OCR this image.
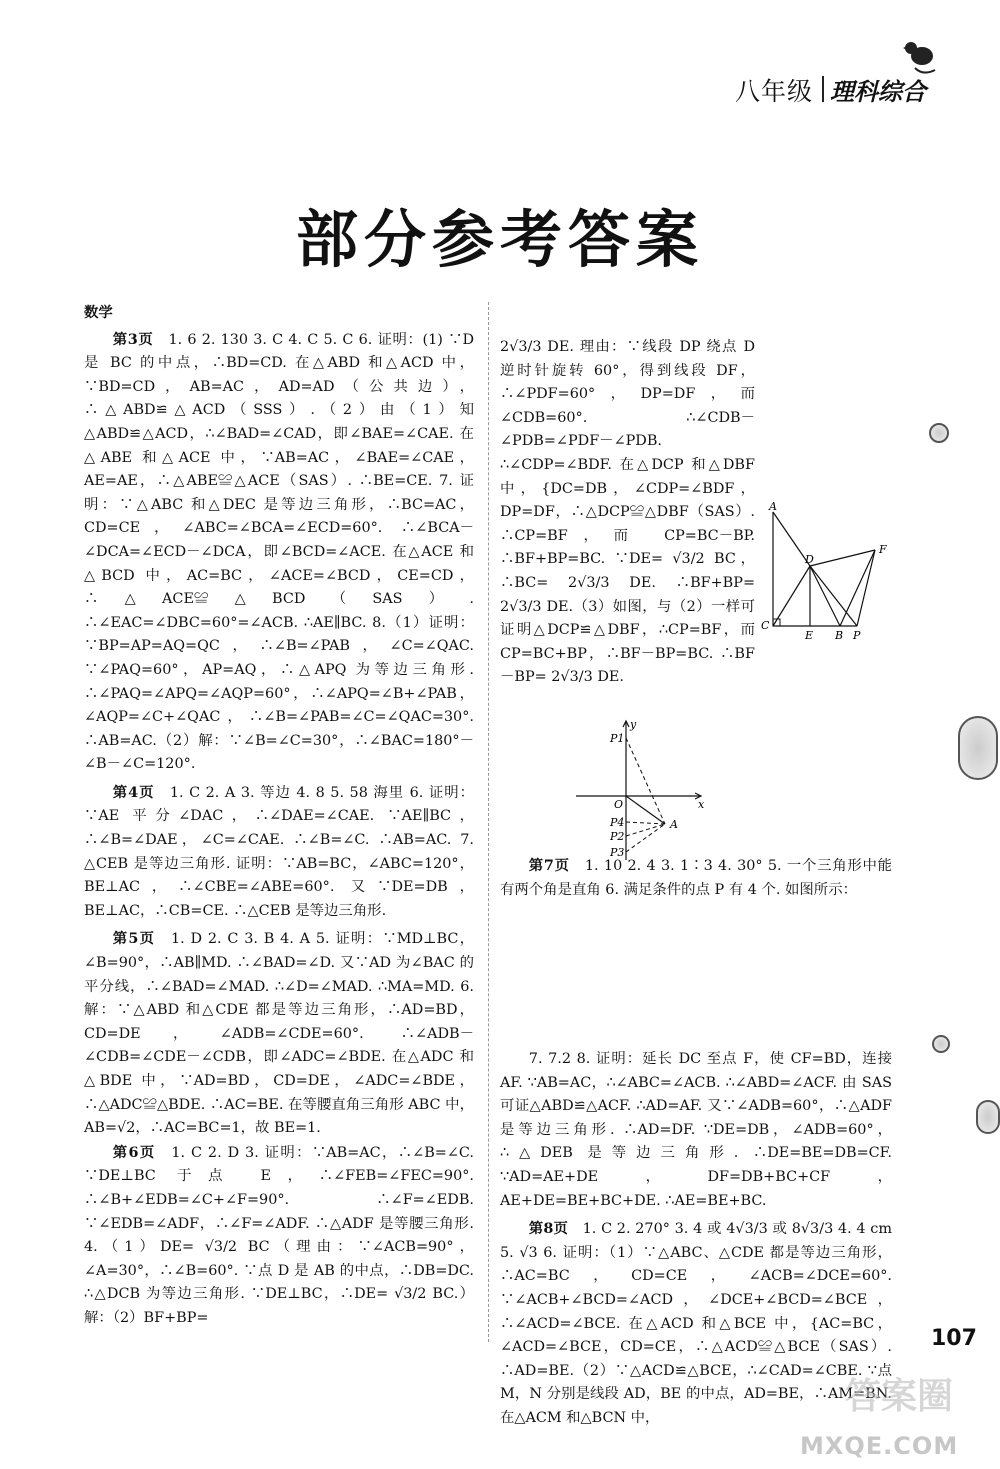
八年级 理科综合
部分参考答案
数学

第3页　 1. 6 2. 130 3. C 4. C 5. C 6. 证明：(1) ∵D 是 BC 的中点，∴BD=CD. 在△ABD 和△ACD 中，∵BD=CD，AB=AC，AD=AD（公共边），∴△ABD≌△ACD（SSS）.（2）由（1）知△ABD≌△ACD，∴∠BAD=∠CAD，即∠BAE=∠CAE. 在△ABE 和△ACE 中，∵AB=AC，∠BAE=∠CAE，AE=AE，∴△ABE≌△ACE（SAS）. ∴BE=CE. 7. 证明：∵△ABC 和△DEC 是等边三角形，∴BC=AC，CD=CE，∠ABC=∠BCA=∠ECD=60°. ∴∠BCA－∠DCA=∠ECD－∠DCA，即∠BCD=∠ACE. 在△ACE 和△BCD 中，AC=BC，∠ACE=∠BCD，CE=CD，∴△ACE≌△BCD（SAS）. ∴∠EAC=∠DBC=60°=∠ACB. ∴AE∥BC. 8.（1）证明：∵BP=AP=AQ=QC，∴∠B=∠PAB，∠C=∠QAC. ∵∠PAQ=60°，AP=AQ，∴△APQ 为等边三角形. ∴∠PAQ=∠APQ=∠AQP=60°，∴∠APQ=∠B+∠PAB，∠AQP=∠C+∠QAC，∴∠B=∠PAB=∠C=∠QAC=30°. ∴AB=AC.（2）解：∵∠B=∠C=30°，∴∠BAC=180°－∠B－∠C=120°.

第4页　 1. C 2. A 3. 等边 4. 8 5. 58 海里 6. 证明：∵AE 平分∠DAC，∴∠DAE=∠CAE. ∵AE∥BC，∴∠B=∠DAE，∠C=∠CAE. ∴∠B=∠C. ∴AB=AC. 7. △CEB 是等边三角形. 证明：∵AB=BC，∠ABC=120°，BE⊥AC，∴∠CBE=∠ABE=60°. 又∵DE=DB，BE⊥AC，∴CB=CE. ∴△CEB 是等边三角形.

第5页　 1. D 2. C 3. B 4. A 5. 证明：∵MD⊥BC，∠B=90°，∴AB∥MD. ∴∠BAD=∠D. 又∵AD 为∠BAC 的平分线，∴∠BAD=∠MAD. ∴∠D=∠MAD. ∴MA=MD. 6. 解：∵△ABD 和△CDE 都是等边三角形，∴AD=BD，CD=DE，∠ADB=∠CDE=60°. ∴∠ADB－∠CDB=∠CDE－∠CDB，即∠ADC=∠BDE. 在△ADC 和△BDE 中，∵AD=BD，CD=DE，∠ADC=∠BDE，∴△ADC≌△BDE. ∴AC=BE. 在等腰直角三角形 ABC 中，AB=√2，∴AC=BC=1，故 BE=1.

第6页　 1. C 2. D 3. 证明：∵AB=AC，∴∠B=∠C. ∵DE⊥BC 于点 E，∴∠FEB=∠FEC=90°. ∴∠B+∠EDB=∠C+∠F=90°. ∴∠F=∠EDB. ∵∠EDB=∠ADF，∴∠F=∠ADF. ∴△ADF 是等腰三角形. 4.（1）DE= √3/2 BC（理由：∵∠ACB=90°，∠A=30°，∴∠B=60°. ∵点 D 是 AB 的中点，∴DB=DC. ∴△DCB 为等边三角形. ∵DE⊥BC，∴DE= √3/2 BC.） 解：（2）BF+BP=

2√3/3 DE. 理由：∵线段 DP 绕点 D 逆时针旋转 60°，得到线段 DF，∴∠PDF=60°，DP=DF，而∠CDB=60°. ∴∠CDB－∠PDB=∠PDF－∠PDB. ∴∠CDP=∠BDF. 在△DCP 和△DBF 中，{DC=DB，∠CDP=∠BDF，DP=DF，∴△DCP≌△DBF（SAS）. ∴CP=BF，而 CP=BC－BP. ∴BF+BP=BC. ∵DE= √3/2 BC，∴BC= 2√3/3 DE. ∴BF+BP= 2√3/3 DE.（3）如图，与（2）一样可证明△DCP≌△DBF，∴CP=BF，而 CP=BC+BP，∴BF－BP=BC. ∴BF－BP= 2√3/3 DE.

第7页　 1. 10 2. 4 3. 1∶3 4. 30° 5. 一个三角形中能有两个角是直角 6. 满足条件的点 P 有 4 个. 如图所示：

7. 7.2 8. 证明：延长 DC 至点 F，使 CF=BD，连接 AF. ∵AB=AC，∴∠ABC=∠ACB. ∴∠ABD=∠ACF. 由 SAS 可证△ABD≌△ACF. ∴AD=AF. 又∵∠ADB=60°，∴△ADF 是等边三角形. ∴AD=DF. ∵DE=DB，∠ADB=60°，∴△DEB 是等边三角形. ∴DE=BE=DB=CF. ∵AD=AE+DE，DF=DB+BC+CF，AE+DE=BE+BC+DE. ∴AE=BE+BC.

第8页　 1. C 2. 270° 3. 4 或 4√3/3 或 8√3/3 4. 4 cm 5. √3 6. 证明：（1）∵△ABC、△CDE 都是等边三角形，∴AC=BC，CD=CE，∠ACB=∠DCE=60°. ∵∠ACB+∠BCD=∠ACD，∠DCE+∠BCD=∠BCE，∴∠ACD=∠BCE. 在△ACD 和△BCE 中，{AC=BC，∠ACD=∠BCE，CD=CE，∴△ACD≌△BCE（SAS）. ∴AD=BE.（2）∵△ACD≌△BCE，∴∠CAD=∠CBE. ∵点 M，N 分别是线段 AD，BE 的中点，AD=BE，∴AM=BN. 在△ACM 和△BCN 中，

A
D
F
C
E B P
y
x
O
P1
A
P4
P2
P3
107
答案圈
MXQE.COM
